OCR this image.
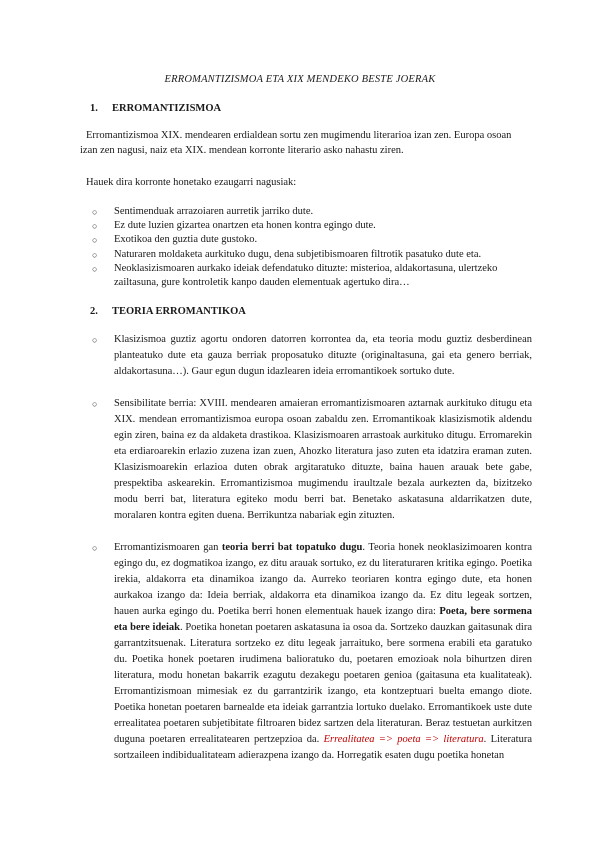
ERROMANTIZISMOA ETA XIX MENDEKO BESTE JOERAK
1. ERROMANTIZISMOA

Erromantizismoa XIX. mendearen erdialdean sortu zen mugimendu literarioa izan zen. Europa osoan izan zen nagusi, naiz eta XIX. mendean korronte literario asko nahastu ziren.

Hauek dira korronte honetako ezaugarri nagusiak:

○ Sentimenduak arrazoiaren aurretik jarriko dute.
○ Ez dute luzien gizartea onartzen eta honen kontra egingo dute.
○ Exotikoa den guztia dute gustoko.
○ Naturaren moldaketa aurkituko dugu, dena subjetibismoaren filtrotik pasatuko dute eta.
○ Neoklasizismoaren aurkako ideiak defendatuko dituzte: misterioa, aldakortasuna, ulertzeko zailtasuna, gure kontroletik kanpo dauden elementuak agertuko dira…
2. TEORIA ERROMANTIKOA
○ Klasizismoa guztiz agortu ondoren datorren korrontea da, eta teoria modu guztiz desberdinean planteatuko dute eta gauza berriak proposatuko dituzte (originaltasuna, gai eta genero berriak, aldakortasuna…). Gaur egun dugun idazlearen ideia erromantikoek sortuko dute.
○ Sensibilitate berria: XVIII. mendearen amaieran erromantizismoaren aztarnak aurkituko ditugu eta XIX. mendean erromantizismoa europa osoan zabaldu zen. Erromantikoak klasizismotik aldendu egin ziren, baina ez da aldaketa drastikoa. Klasizismoaren arrastoak aurkituko ditugu. Erromarekin eta erdiaroarekin erlazio zuzena izan zuen, Ahozko literatura jaso zuten eta idatzira eraman zuten. Klasizismoarekin erlazioa duten obrak argitaratuko dituzte, baina hauen arauak bete gabe, prespektiba askearekin. Erromantizismoa mugimendu iraultzale bezala aurkezten da, bizitzeko modu berri bat, literatura egiteko modu berri bat. Benetako askatasuna aldarrikatzen dute, moralaren kontra egiten duena. Berrikuntza nabariak egin zituzten.
○ Erromantizismoaren gan teoria berri bat topatuko dugu. Teoria honek neoklasizimoaren kontra egingo du, ez dogmatikoa izango, ez ditu arauak sortuko, ez du literaturaren kritika egingo. Poetika irekia, aldakorra eta dinamikoa izango da. Aurreko teoriaren kontra egingo dute, eta honen aurkakoa izango da: Ideia berriak, aldakorra eta dinamikoa izango da. Ez ditu legeak sortzen, hauen aurka egingo du. Poetika berri honen elementuak hauek izango dira: Poeta, bere sormena eta bere ideiak. Poetika honetan poetaren askatasuna ia osoa da. Sortzeko dauzkan gaitasunak dira garrantzitsuenak. Literatura sortzeko ez ditu legeak jarraituko, bere sormena erabili eta garatuko du. Poetika honek poetaren irudimena balioratuko du, poetaren emozioak nola bihurtzen diren literatura, modu honetan bakarrik ezagutu dezakegu poetaren genioa (gaitasuna eta kualitateak). Erromantizismoan mimesiak ez du garrantzirik izango, eta kontzeptuari buelta emango diote. Poetika honetan poetaren barnealde eta ideiak garrantzia lortuko duelako. Erromantikoek uste dute errealitatea poetaren subjetibitate filtroaren bidez sartzen dela literaturan. Beraz testuetan aurkitzen duguna poetaren errealitatearen pertzepzioa da. Errealitatea => poeta => literatura. Literatura sortzaileen indibidualitateam adierazpena izango da. Horregatik esaten dugu poetika honetan
